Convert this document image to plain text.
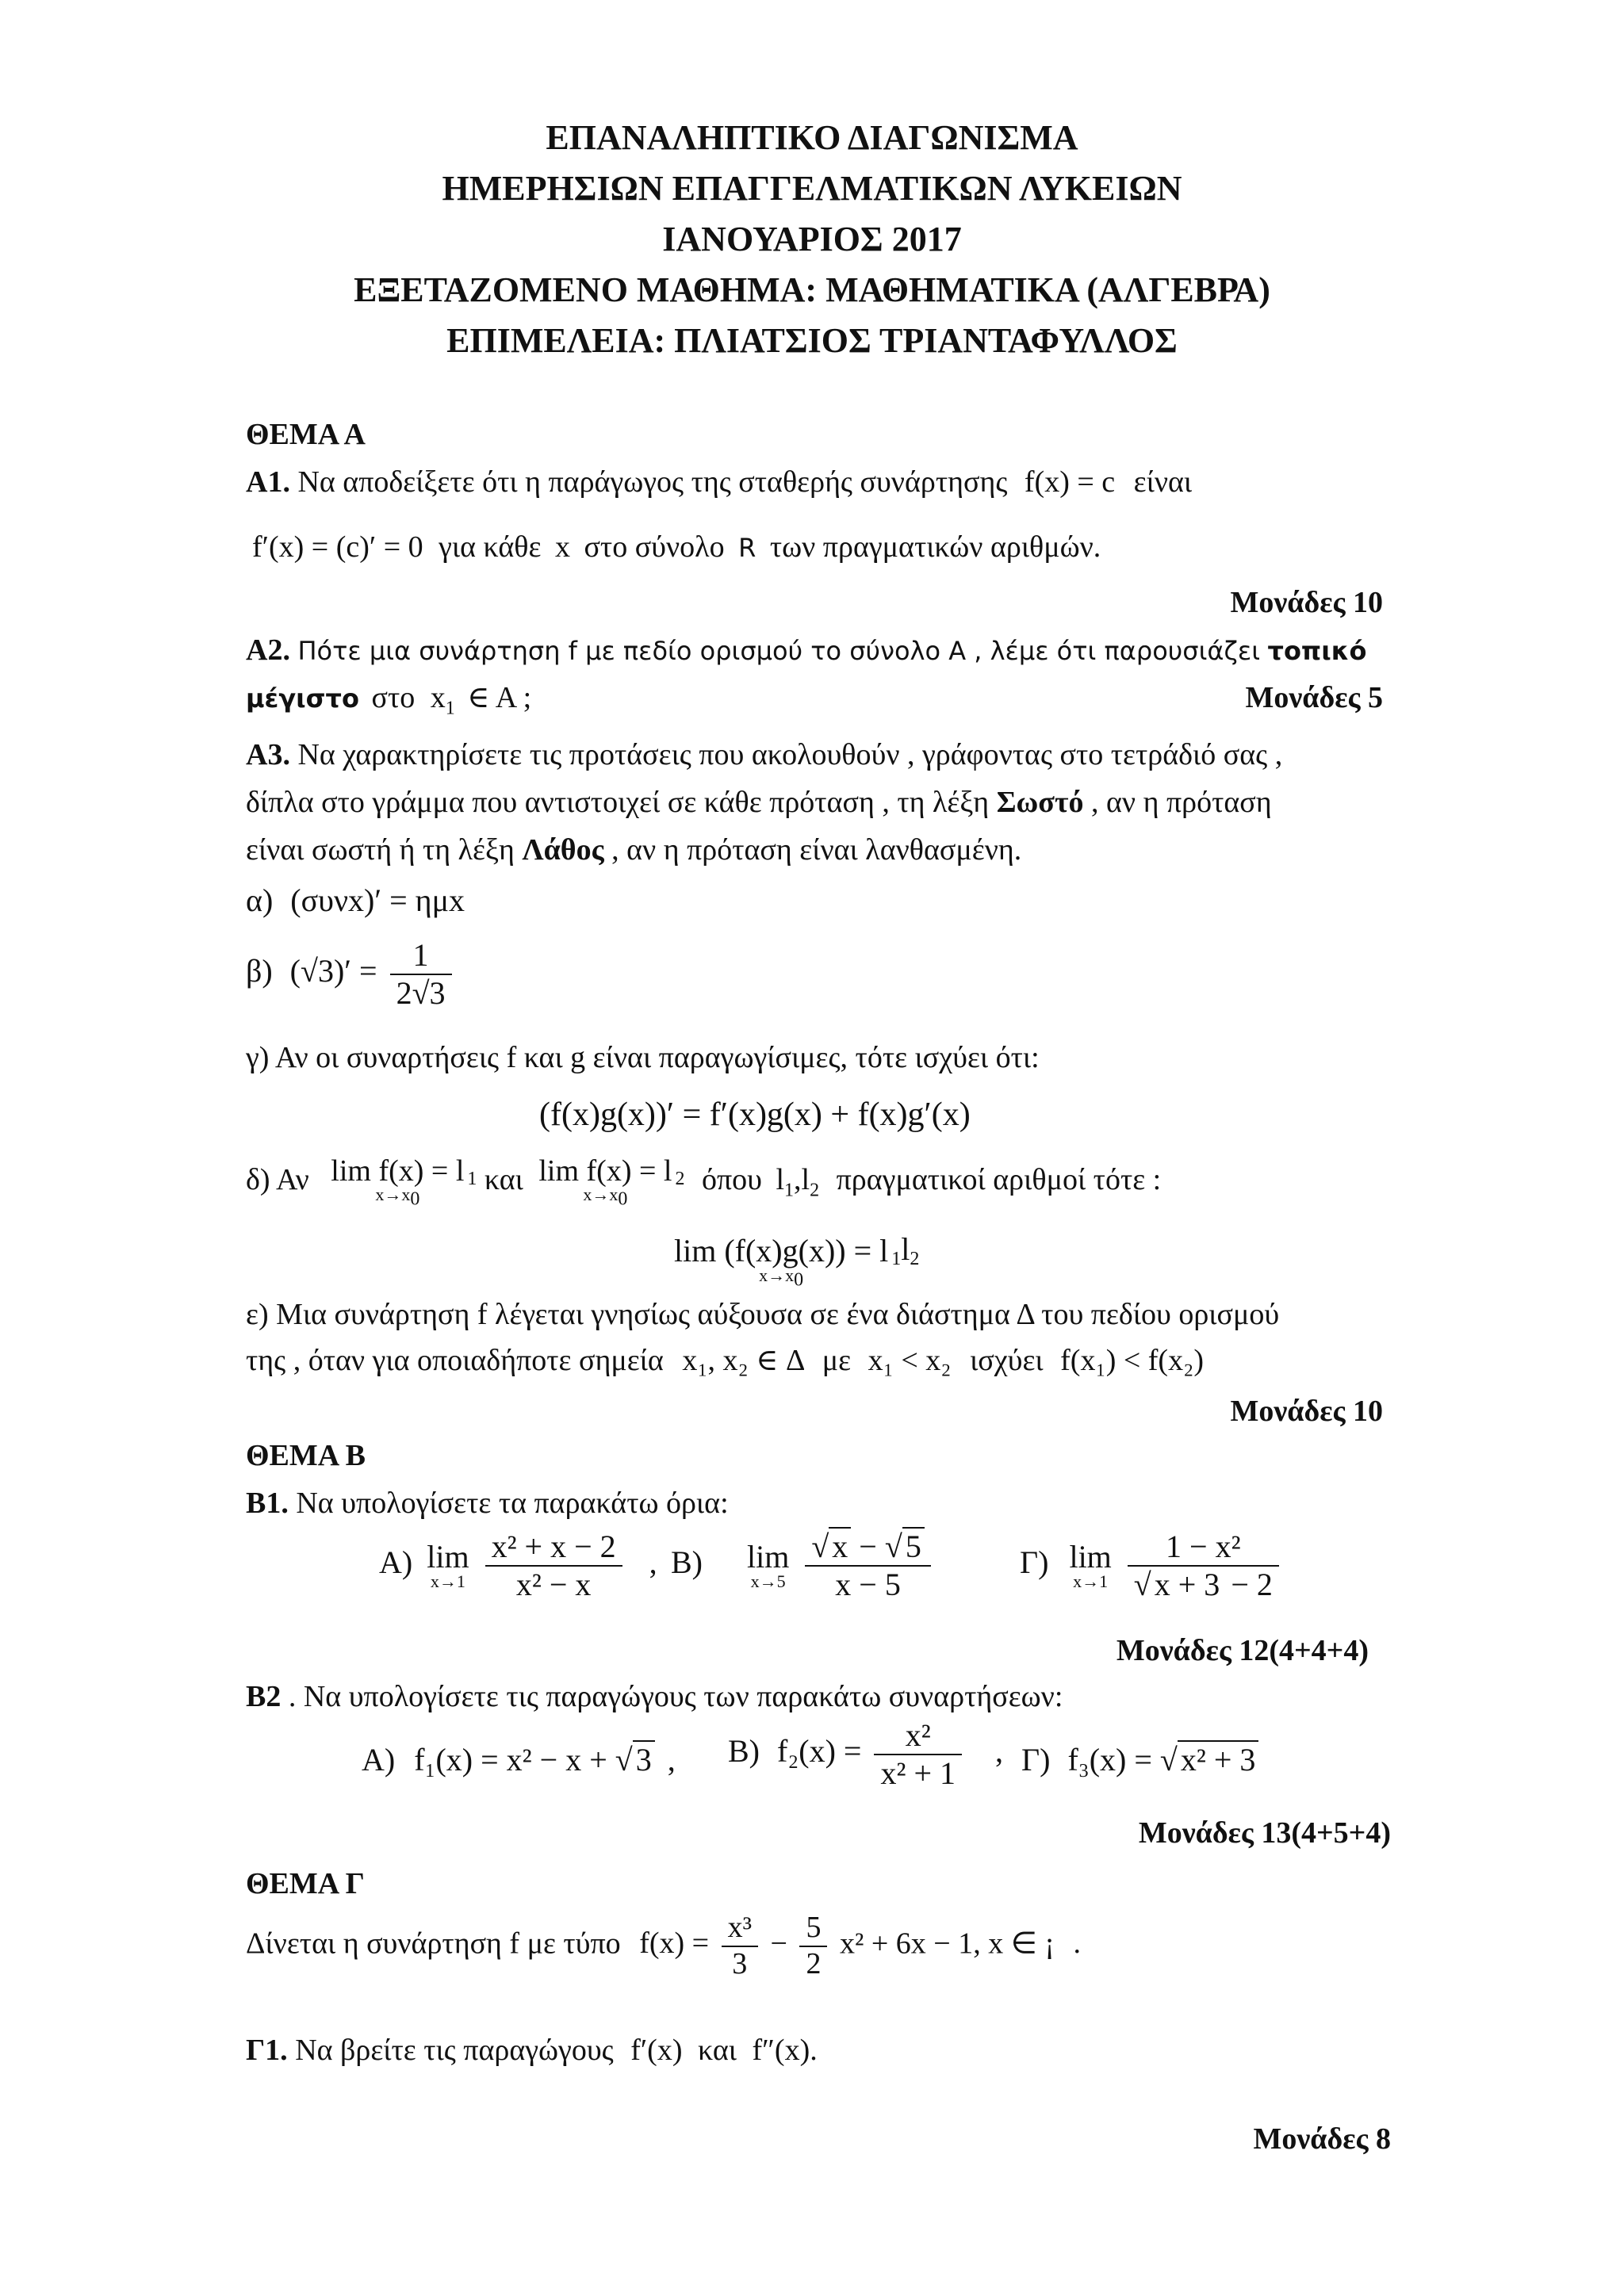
ΕΠΑΝΑΛΗΠΤΙΚΟ ΔΙΑΓΩΝΙΣΜΑ
ΗΜΕΡΗΣΙΩΝ ΕΠΑΓΓΕΛΜΑΤΙΚΩΝ ΛΥΚΕΙΩΝ
ΙΑΝΟΥΑΡΙΟΣ 2017
ΕΞΕΤΑΖΟΜΕΝΟ ΜΑΘΗΜΑ: ΜΑΘΗΜΑΤΙΚΑ (ΑΛΓΕΒΡΑ)
ΕΠΙΜΕΛΕΙΑ: ΠΛΙΑΤΣΙΟΣ ΤΡΙΑΝΤΑΦΥΛΛΟΣ
ΘΕΜΑ Α
Α1. Να αποδείξετε ότι η παράγωγος της σταθερής συνάρτησης f(x) = c είναι
f′(x) = (c)′ = 0 για κάθε x στο σύνολο R των πραγματικών αριθμών.
Μονάδες 10
Α2. Πότε μια συνάρτηση f με πεδίο ορισμού το σύνολο Α , λέμε ότι παρουσιάζει τοπικό
μέγιστο στο $x_1$ ∈ A ;	Μονάδες 5
Α3. Να χαρακτηρίσετε τις προτάσεις που ακολουθούν , γράφοντας στο τετράδιό σας ,
δίπλα στο γράμμα που αντιστοιχεί σε κάθε πρόταση , τη λέξη Σωστό , αν η πρόταση
είναι σωστή ή τη λέξη Λάθος , αν η πρόταση είναι λανθασμένη.
α) (συνx)′ = ημx
β) $(√3)' = \frac{1}{2√3}$
γ) Αν οι συναρτήσεις f και g είναι παραγωγίσιμες, τότε ισχύει ότι:
(f(x)g(x))′ = f′(x)g(x) + f(x)g′(x)
δ) Αν lim f(x) = l
$x\to x_0$
$_1$ και lim f(x) = l
$x\to x_0$
$_2$ όπου $l_1,l_2$ πραγματικοί αριθμοί τότε :
lim (f(x)g(x)) = l
$x\to x_0$
$_1l_2$
ε) Μια συνάρτηση f λέγεται γνησίως αύξουσα σε ένα διάστημα Δ του πεδίου ορισμού
της , όταν για οποιαδήποτε σημεία x₁, x₂ ∈ Δ με x₁ < x₂ ισχύει f(x₁) < f(x₂)
Μονάδες 10
ΘΕΜΑ Β
Β1. Να υπολογίσετε τα παρακάτω όρια:
Α) lim
x→1
$\frac{\text{x² + x − 2}}{\text{x² − x}}$ , Β) lim
x→5
$\frac{√ x - √ 5}{x - 5}$	Γ) lim
x→1
$\frac{\text{1 − x²}}{√ x + 3 - 2}$
Μονάδες 12(4+4+4)
Β2 . Να υπολογίσετε τις παραγώγους των παρακάτω συναρτήσεων:
Α) f₁(x) = x² − x + √ 3 , Β) $f_2(x) = \frac{\text{x²}}{\text{x² + 1}}$ , Γ) f₃(x) = √ x² + 3
Μονάδες 13(4+5+4)
ΘΕΜΑ Γ
Δίνεται η συνάρτηση f με τύπο $f(x) = \frac{\text{x³}}{3} - \frac{5}{2} x^2 + 6x - 1$, x ∈ ¡ .
Γ1. Να βρείτε τις παραγώγους f′(x) και f″(x).
Μονάδες 8
